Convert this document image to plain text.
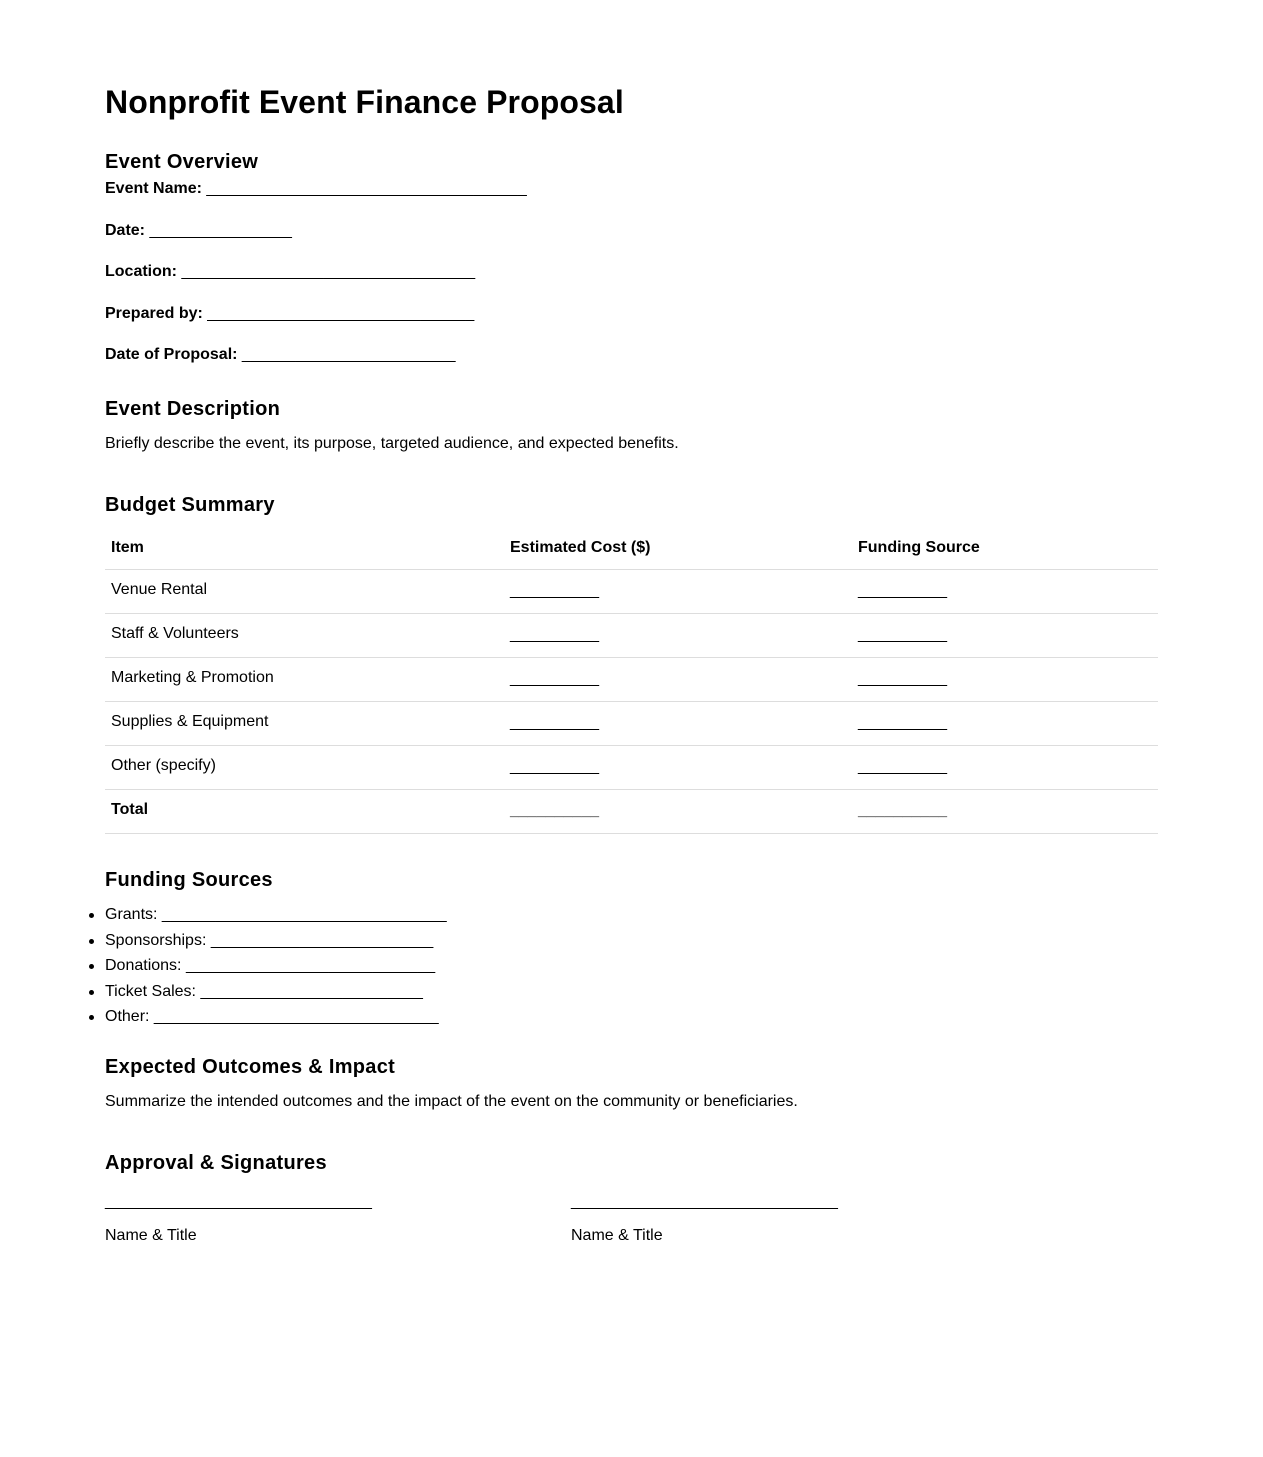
Nonprofit Event Finance Proposal
Event Overview

Event Name: ____________________________________

Date: ________________

Location: _________________________________

Prepared by: ______________________________

Date of Proposal: ________________________

Event Description

Briefly describe the event, its purpose, targeted audience, and expected benefits.

Budget Summary
Item	Estimated Cost ($)	Funding Source
Venue Rental	__________	__________
Staff & Volunteers	__________	__________
Marketing & Promotion	__________	__________
Supplies & Equipment	__________	__________
Other (specify)	__________	__________
Total	__________	__________
Funding Sources
Grants: ________________________________
Sponsorships: _________________________
Donations: ____________________________
Ticket Sales: _________________________
Other: ________________________________
Expected Outcomes & Impact

Summarize the intended outcomes and the impact of the event on the community or beneficiaries.

Approval & Signatures
______________________________
Name & Title
______________________________
Name & Title
